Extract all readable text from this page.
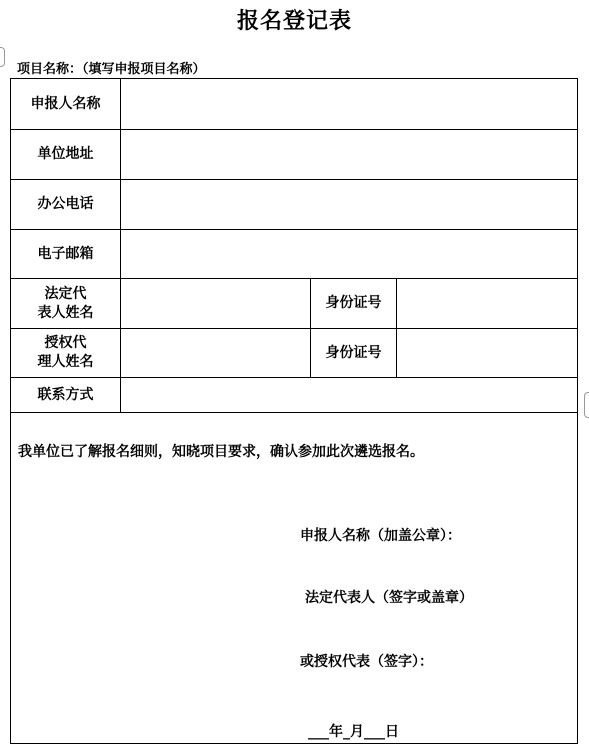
报名登记表
项目名称：（填写申报项目名称）
申报人名称
单位地址
办公电话
电子邮箱
法定代
表人姓名
身份证号
授权代
理人姓名
身份证号
联系方式
我单位已了解报名细则，知晓项目要求，确认参加此次遴选报名。
申报人名称（加盖公章）：
法定代表人（签字或盖章）
或授权代表（签字）：
___年_月___日
